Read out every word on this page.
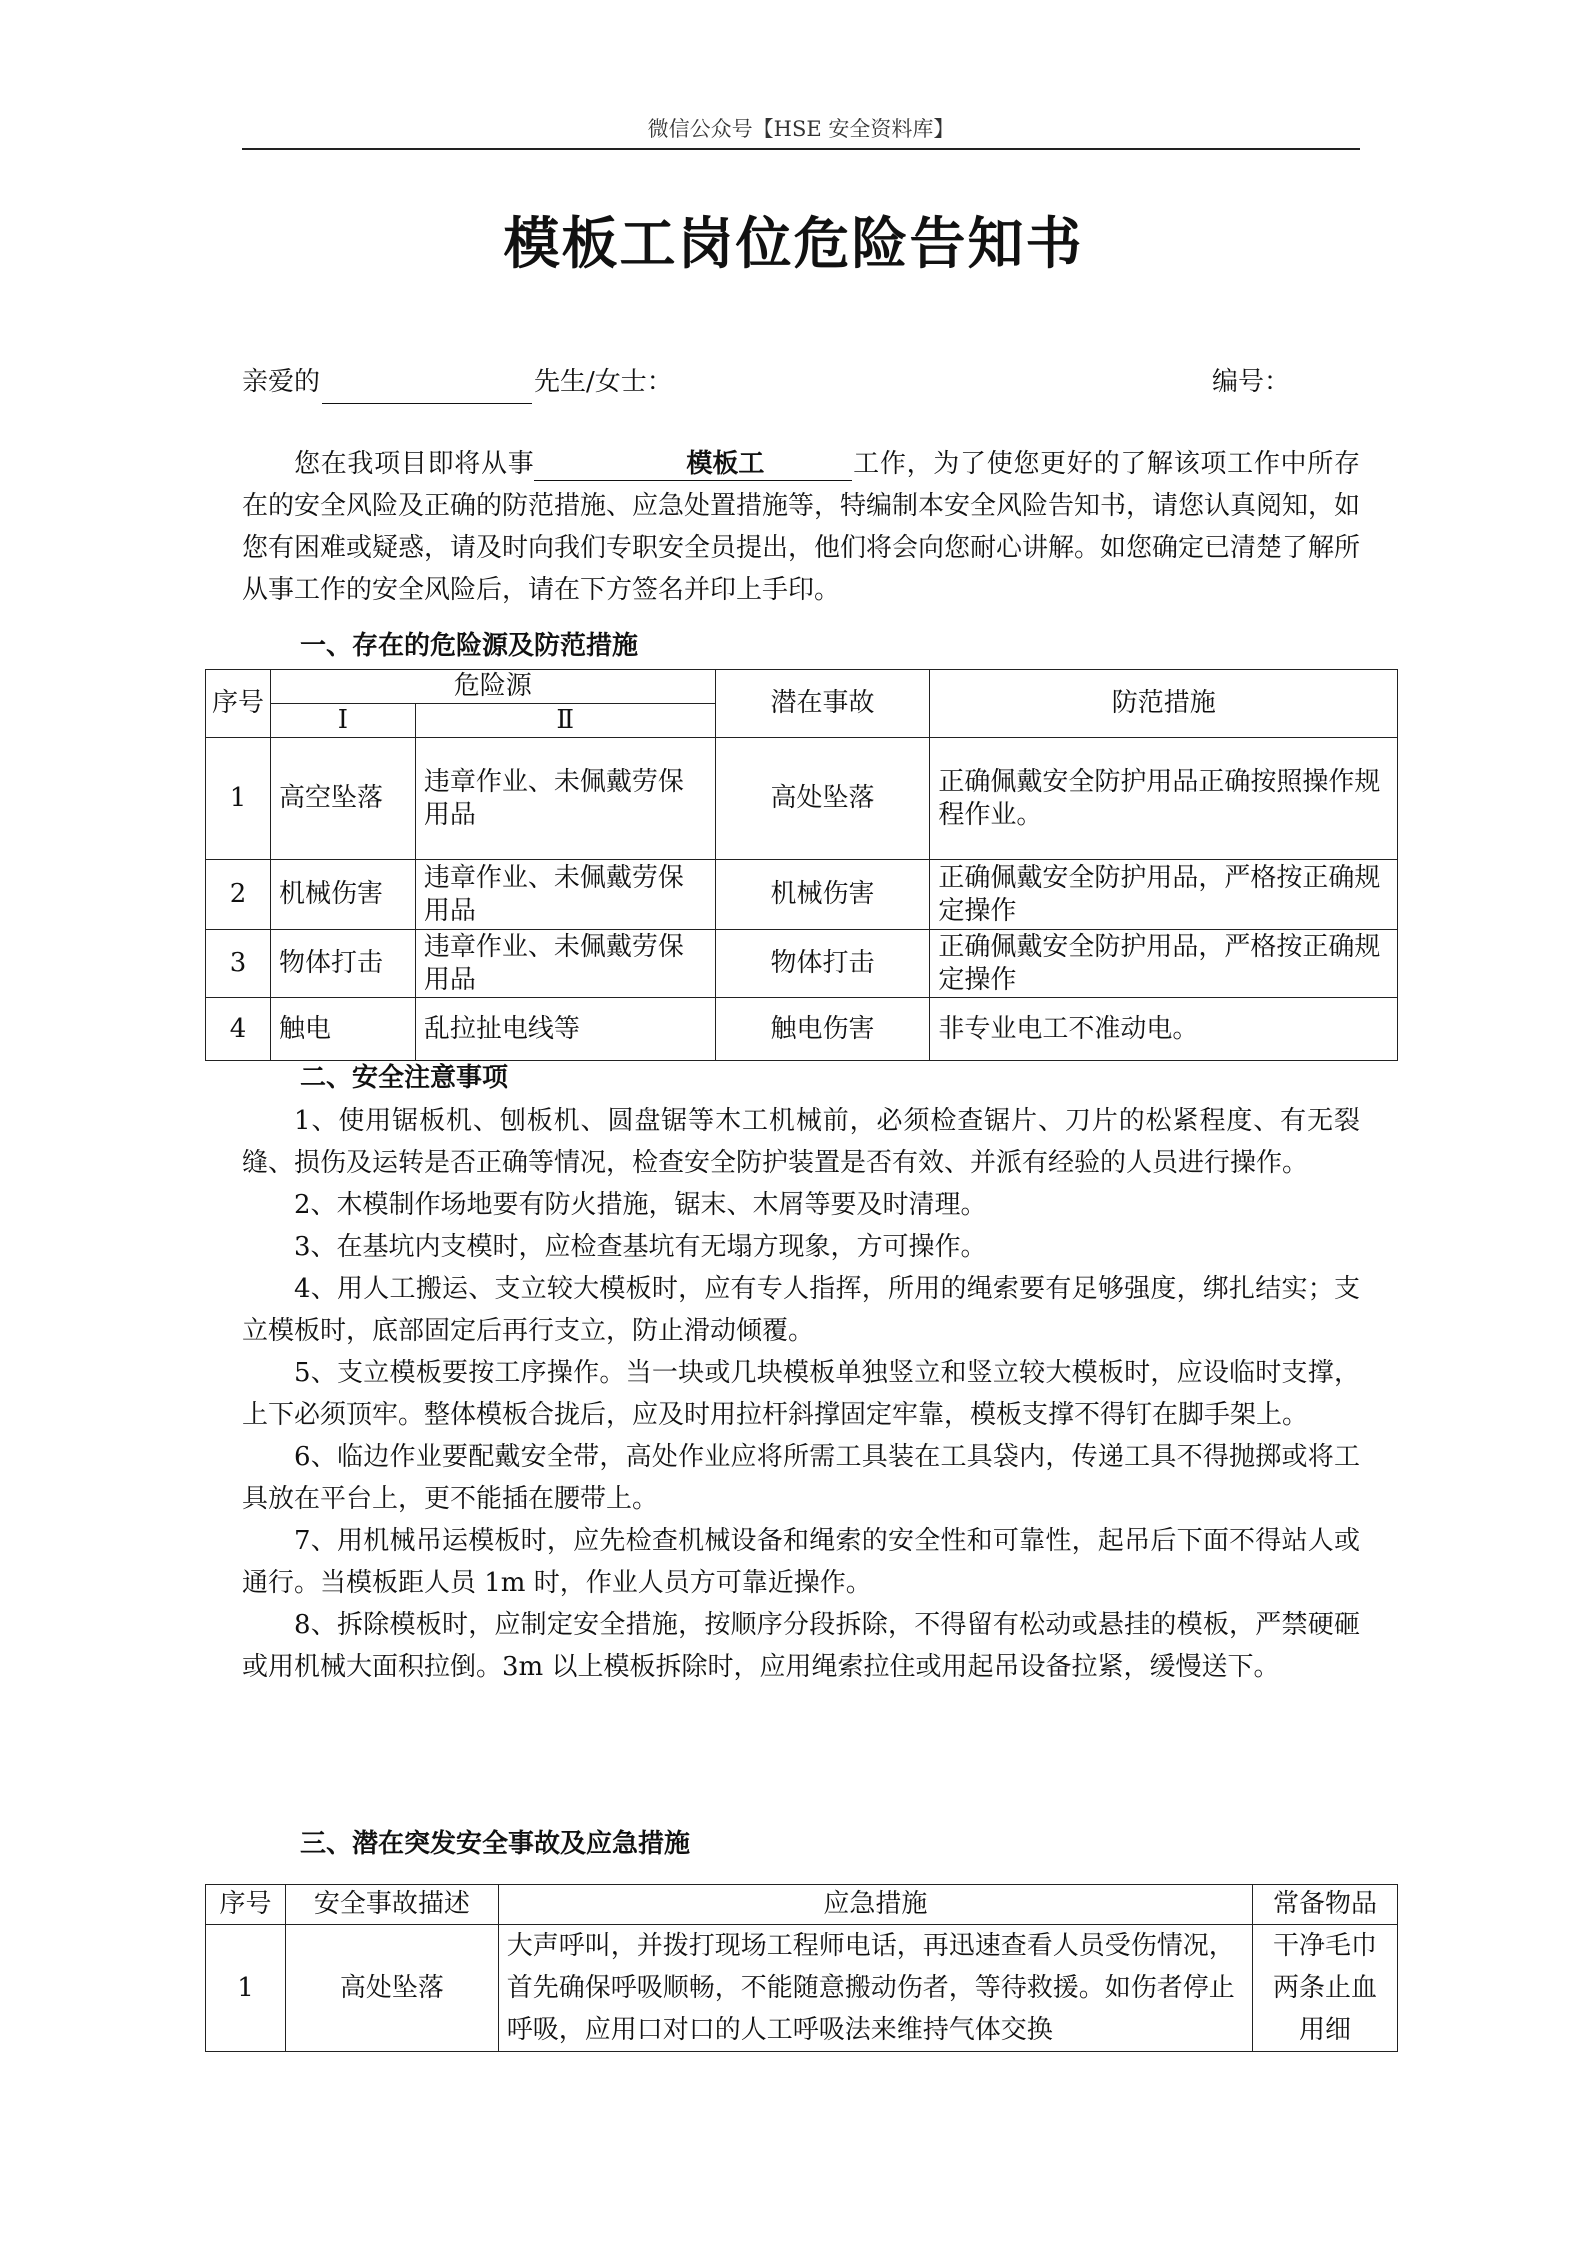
微信公众号【HSE 安全资料库】
模板工岗位危险告知书
亲爱的	先生/女士：	编号：

您在我项目即将从事	模板工	工作，为了使您更好的了解该项工作中所存在的安全风险及正确的防范措施、应急处置措施等，特编制本安全风险告知书，请您认真阅知，如您有困难或疑惑，请及时向我们专职安全员提出，他们将会向您耐心讲解。如您确定已清楚了解所从事工作的安全风险后，请在下方签名并印上手印。

一、存在的危险源及防范措施
序号	危险源		潜在事故	防范措施
	Ⅰ	Ⅱ		
1	高空坠落	违章作业、未佩戴劳保用品	高处坠落	正确佩戴安全防护用品正确按照操作规程作业。
2	机械伤害	违章作业、未佩戴劳保用品	机械伤害	正确佩戴安全防护用品，严格按正确规定操作
3	物体打击	违章作业、未佩戴劳保用品	物体打击	正确佩戴安全防护用品，严格按正确规定操作
4	触电	乱拉扯电线等	触电伤害	非专业电工不准动电。
二、安全注意事项

1、使用锯板机、刨板机、圆盘锯等木工机械前，必须检查锯片、刀片的松紧程度、有无裂缝、损伤及运转是否正确等情况，检查安全防护装置是否有效、并派有经验的人员进行操作。

2、木模制作场地要有防火措施，锯末、木屑等要及时清理。

3、在基坑内支模时，应检查基坑有无塌方现象，方可操作。

4、用人工搬运、支立较大模板时，应有专人指挥，所用的绳索要有足够强度，绑扎结实；支立模板时，底部固定后再行支立，防止滑动倾覆。

5、支立模板要按工序操作。当一块或几块模板单独竖立和竖立较大模板时，应设临时支撑，上下必须顶牢。整体模板合拢后，应及时用拉杆斜撑固定牢靠，模板支撑不得钉在脚手架上。

6、临边作业要配戴安全带，高处作业应将所需工具装在工具袋内，传递工具不得抛掷或将工具放在平台上，更不能插在腰带上。

7、用机械吊运模板时，应先检查机械设备和绳索的安全性和可靠性，起吊后下面不得站人或通行。当模板距人员 1m 时，作业人员方可靠近操作。

8、拆除模板时，应制定安全措施，按顺序分段拆除，不得留有松动或悬挂的模板，严禁硬砸或用机械大面积拉倒。3m 以上模板拆除时，应用绳索拉住或用起吊设备拉紧，缓慢送下。

三、潜在突发安全事故及应急措施
序号	安全事故描述	应急措施	常备物品
1	高处坠落	大声呼叫，并拨打现场工程师电话，再迅速查看人员受伤情况，首先确保呼吸顺畅，不能随意搬动伤者，等待救援。如伤者停止呼吸，应用口对口的人工呼吸法来维持气体交换	干净毛巾两条止血用细
